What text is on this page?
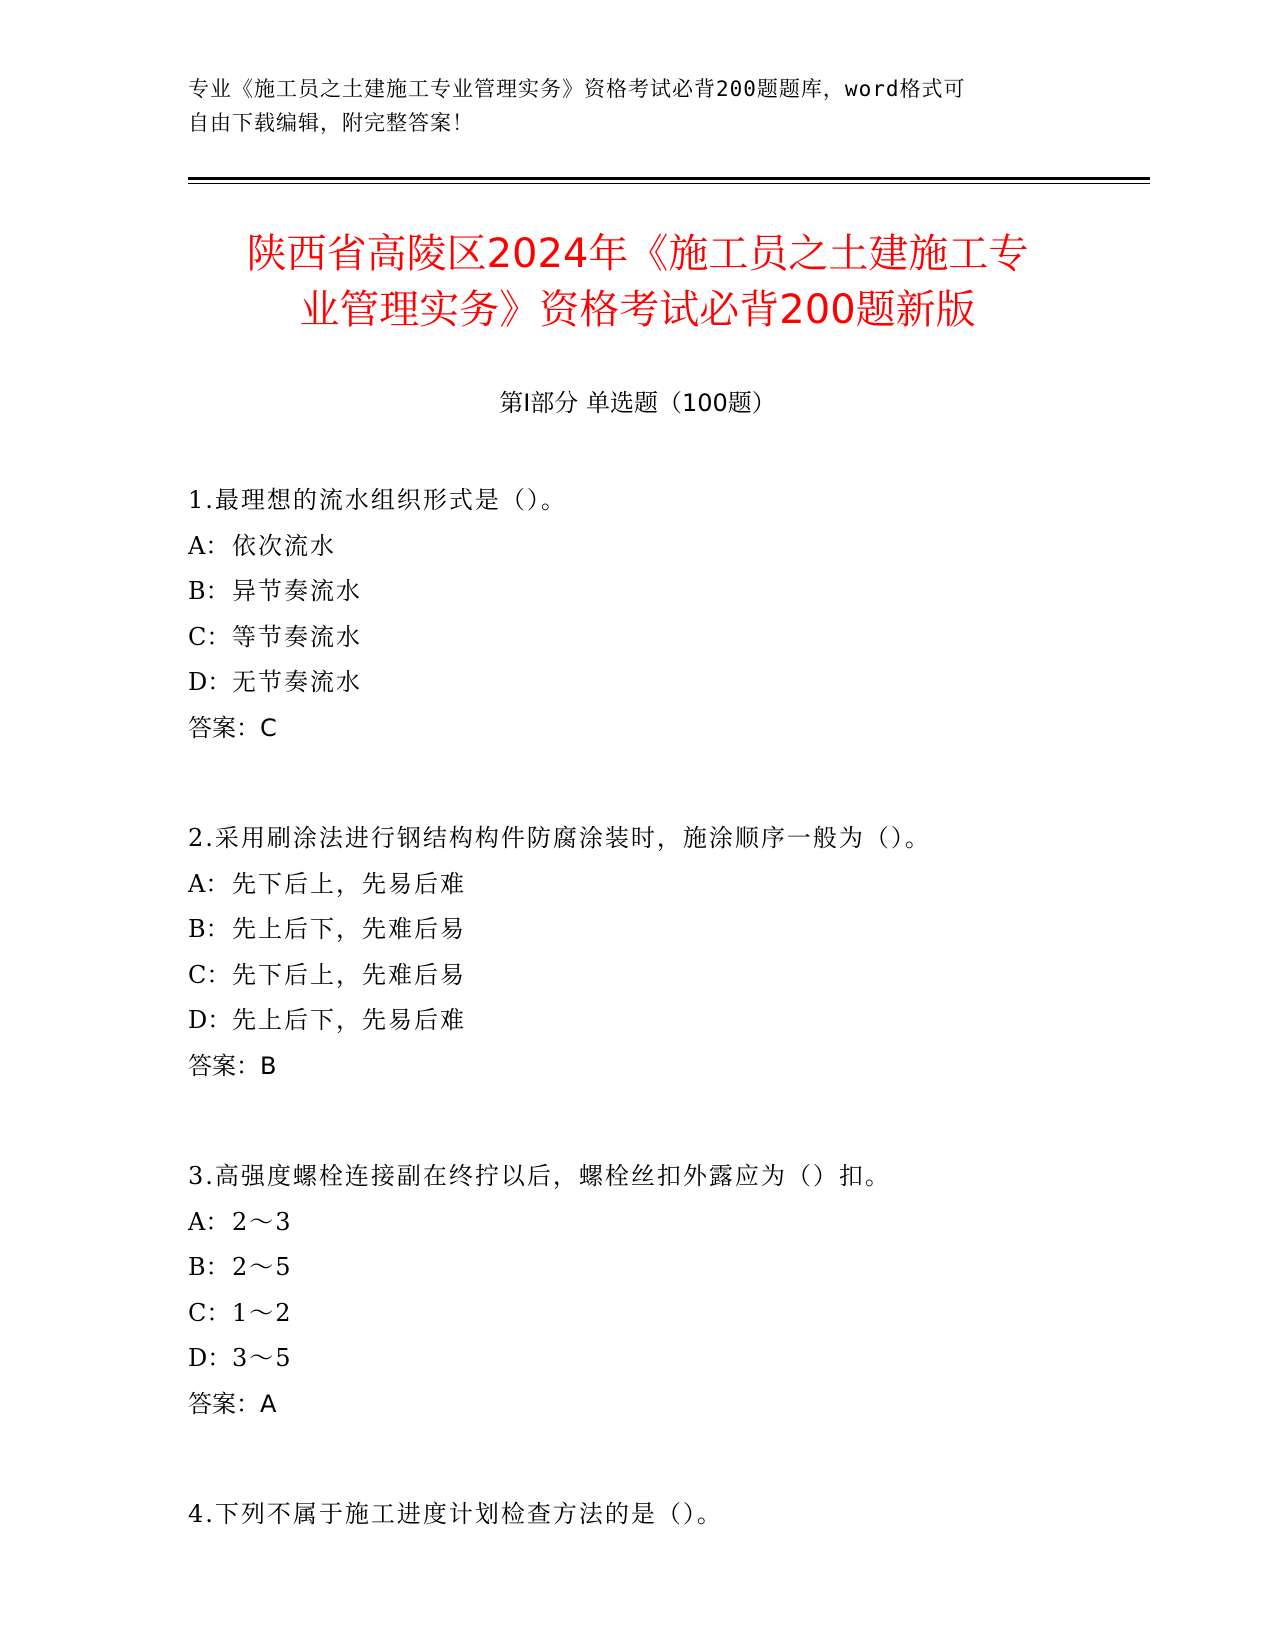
专业《施工员之土建施工专业管理实务》资格考试必背200题题库，word格式可
自由下载编辑，附完整答案！
陕西省高陵区2024年《施工员之土建施工专
业管理实务》资格考试必背200题新版
第Ⅰ部分 单选题（100题）
1.最理想的流水组织形式是（）。
A： 依次流水
B：异节奏流水
C：等节奏流水
D：无节奏流水
答案：C
2.采用刷涂法进行钢结构构件防腐涂装时，施涂顺序一般为（）。
A： 先下后上，先易后难
B：先上后下，先难后易
C：先下后上，先难后易
D：先上后下，先易后难
答案：B
3.高强度螺栓连接副在终拧以后，螺栓丝扣外露应为（）扣。
A： 2～3
B：2～5
C：1～2
D：3～5
答案：A
4.下列不属于施工进度计划检查方法的是（）。
